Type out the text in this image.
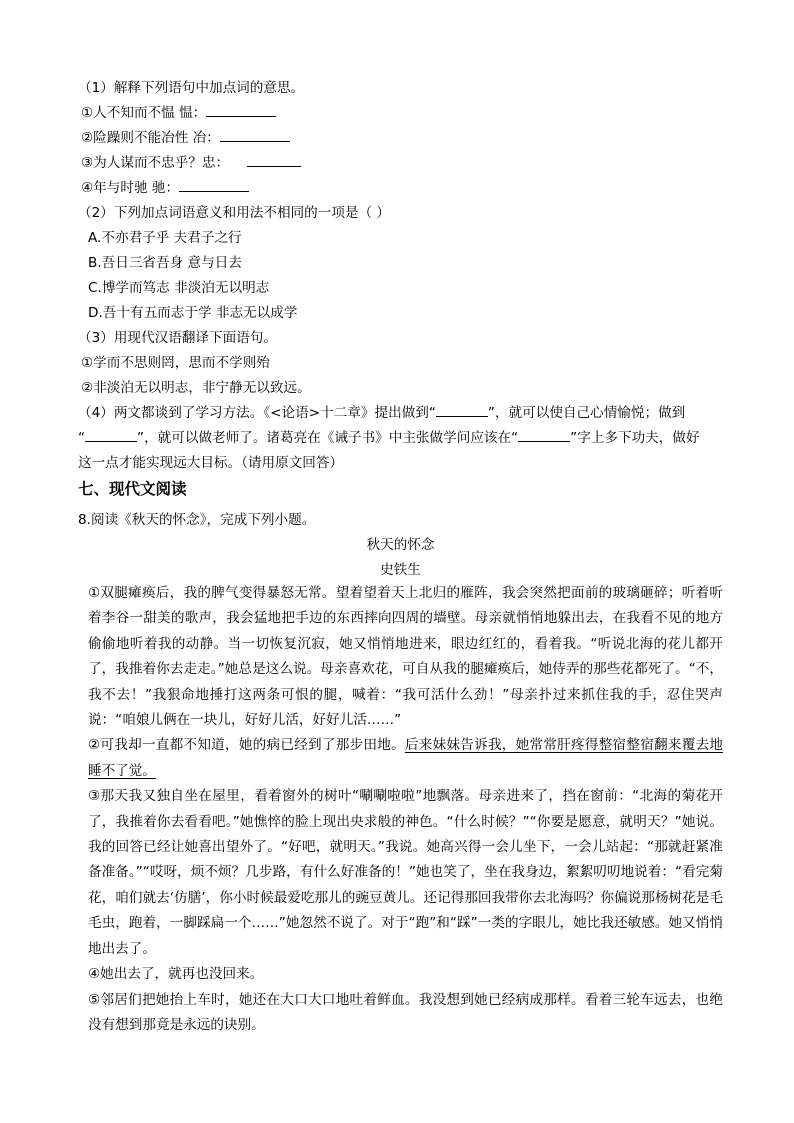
（1）解释下列语句中加点词的意思。
①人不知而不愠 愠：
②险躁则不能冶性 冶：
③为人谋而不忠乎？忠：
④年与时驰 驰：
（2）下列加点词语意义和用法不相同的一项是（ ）
A.不亦君子乎 夫君子之行
B.吾日三省吾身 意与日去
C.博学而笃志 非淡泊无以明志
D.吾十有五而志于学 非志无以成学
（3）用现代汉语翻译下面语句。
①学而不思则罔，思而不学则殆
②非淡泊无以明志，非宁静无以致远。
（4）两文都谈到了学习方法。《<论语>十二章》提出做到“	”，就可以使自己心情愉悦；做到
“	”，就可以做老师了。诸葛亮在《诫子书》中主张做学问应该在“	”字上多下功夫，做好
这一点才能实现远大目标。（请用原文回答）
七、现代文阅读
8.阅读《秋天的怀念》，完成下列小题。
秋天的怀念
史铁生
①双腿瘫痪后，我的脾气变得暴怒无常。望着望着天上北归的雁阵，我会突然把面前的玻璃砸碎；听着听着李谷一甜美的歌声，我会猛地把手边的东西摔向四周的墙壁。母亲就悄悄地躲出去，在我看不见的地方偷偷地听着我的动静。当一切恢复沉寂，她又悄悄地进来，眼边红红的，看着我。“听说北海的花儿都开了，我推着你去走走。”她总是这么说。母亲喜欢花，可自从我的腿瘫痪后，她侍弄的那些花都死了。“不，我不去！”我狠命地捶打这两条可恨的腿，喊着：“我可活什么劲！”母亲扑过来抓住我的手，忍住哭声说：“咱娘儿俩在一块儿，好好儿活，好好儿活……”
②可我却一直都不知道，她的病已经到了那步田地。后来妹妹告诉我，她常常肝疼得整宿整宿翻来覆去地睡不了觉。
③那天我又独自坐在屋里，看着窗外的树叶“唰唰啦啦”地飘落。母亲进来了，挡在窗前：“北海的菊花开了，我推着你去看看吧。”她憔悴的脸上现出央求般的神色。“什么时候？”“你要是愿意，就明天？”她说。我的回答已经让她喜出望外了。“好吧，就明天。”我说。她高兴得一会儿坐下，一会儿站起：“那就赶紧准备准备。”“哎呀，烦不烦？几步路，有什么好准备的！”她也笑了，坐在我身边，絮絮叨叨地说着：“看完菊花，咱们就去‘仿膳’，你小时候最爱吃那儿的豌豆黄儿。还记得那回我带你去北海吗？你偏说那杨树花是毛毛虫，跑着，一脚踩扁一个……”她忽然不说了。对于“跑”和“踩”一类的字眼儿，她比我还敏感。她又悄悄地出去了。
④她出去了，就再也没回来。
⑤邻居们把她抬上车时，她还在大口大口地吐着鲜血。我没想到她已经病成那样。看着三轮车远去，也绝没有想到那竟是永远的诀别。
